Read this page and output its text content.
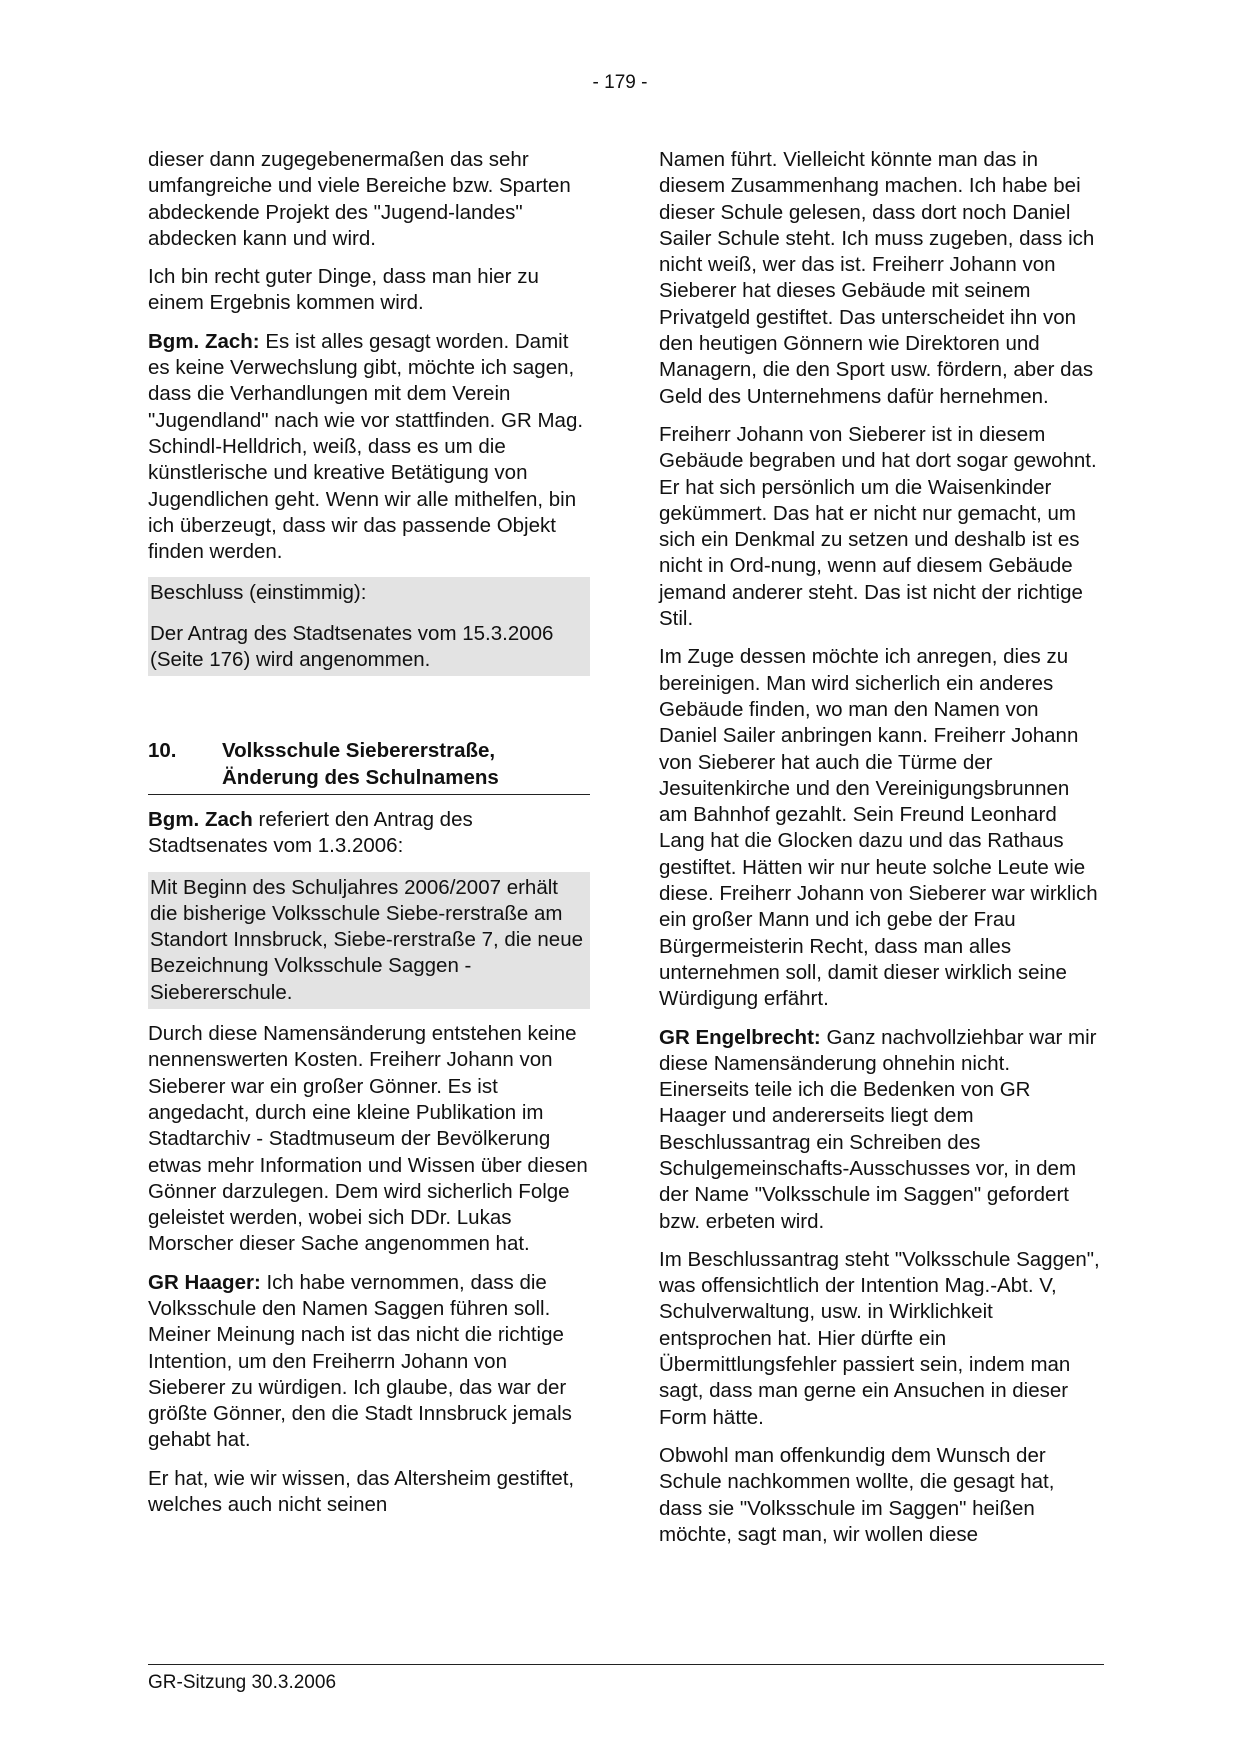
- 179 -

dieser dann zugegebenermaßen das sehr umfangreiche und viele Bereiche bzw. Sparten abdeckende Projekt des "Jugend-landes" abdecken kann und wird.

Ich bin recht guter Dinge, dass man hier zu einem Ergebnis kommen wird.

Bgm. Zach: Es ist alles gesagt worden. Damit es keine Verwechslung gibt, möchte ich sagen, dass die Verhandlungen mit dem Verein "Jugendland" nach wie vor stattfinden. GR Mag. Schindl-Helldrich, weiß, dass es um die künstlerische und kreative Betätigung von Jugendlichen geht. Wenn wir alle mithelfen, bin ich überzeugt, dass wir das passende Objekt finden werden.

Beschluss (einstimmig):

Der Antrag des Stadtsenates vom 15.3.2006 (Seite 176) wird angenommen.

10.	Volksschule Siebererstraße, Änderung des Schulnamens

Bgm. Zach referiert den Antrag des Stadtsenates vom 1.3.2006:

Mit Beginn des Schuljahres 2006/2007 erhält die bisherige Volksschule Siebe-rerstraße am Standort Innsbruck, Siebe-rerstraße 7, die neue Bezeichnung Volksschule Saggen - Siebererschule.

Durch diese Namensänderung entstehen keine nennenswerten Kosten. Freiherr Johann von Sieberer war ein großer Gönner. Es ist angedacht, durch eine kleine Publikation im Stadtarchiv - Stadtmuseum der Bevölkerung etwas mehr Information und Wissen über diesen Gönner darzulegen. Dem wird sicherlich Folge geleistet werden, wobei sich DDr. Lukas Morscher dieser Sache angenommen hat.

GR Haager: Ich habe vernommen, dass die Volksschule den Namen Saggen führen soll. Meiner Meinung nach ist das nicht die richtige Intention, um den Freiherrn Johann von Sieberer zu würdigen. Ich glaube, das war der größte Gönner, den die Stadt Innsbruck jemals gehabt hat.

Er hat, wie wir wissen, das Altersheim gestiftet, welches auch nicht seinen

Namen führt. Vielleicht könnte man das in diesem Zusammenhang machen. Ich habe bei dieser Schule gelesen, dass dort noch Daniel Sailer Schule steht. Ich muss zugeben, dass ich nicht weiß, wer das ist. Freiherr Johann von Sieberer hat dieses Gebäude mit seinem Privatgeld gestiftet. Das unterscheidet ihn von den heutigen Gönnern wie Direktoren und Managern, die den Sport usw. fördern, aber das Geld des Unternehmens dafür hernehmen.

Freiherr Johann von Sieberer ist in diesem Gebäude begraben und hat dort sogar gewohnt. Er hat sich persönlich um die Waisenkinder gekümmert. Das hat er nicht nur gemacht, um sich ein Denkmal zu setzen und deshalb ist es nicht in Ord-nung, wenn auf diesem Gebäude jemand anderer steht. Das ist nicht der richtige Stil.

Im Zuge dessen möchte ich anregen, dies zu bereinigen. Man wird sicherlich ein anderes Gebäude finden, wo man den Namen von Daniel Sailer anbringen kann. Freiherr Johann von Sieberer hat auch die Türme der Jesuitenkirche und den Vereinigungsbrunnen am Bahnhof gezahlt. Sein Freund Leonhard Lang hat die Glocken dazu und das Rathaus gestiftet. Hätten wir nur heute solche Leute wie diese. Freiherr Johann von Sieberer war wirklich ein großer Mann und ich gebe der Frau Bürgermeisterin Recht, dass man alles unternehmen soll, damit dieser wirklich seine Würdigung erfährt.

GR Engelbrecht: Ganz nachvollziehbar war mir diese Namensänderung ohnehin nicht. Einerseits teile ich die Bedenken von GR Haager und andererseits liegt dem Beschlussantrag ein Schreiben des Schulgemeinschafts-Ausschusses vor, in dem der Name "Volksschule im Saggen" gefordert bzw. erbeten wird.

Im Beschlussantrag steht "Volksschule Saggen", was offensichtlich der Intention Mag.-Abt. V, Schulverwaltung, usw. in Wirklichkeit entsprochen hat. Hier dürfte ein Übermittlungsfehler passiert sein, indem man sagt, dass man gerne ein Ansuchen in dieser Form hätte.

Obwohl man offenkundig dem Wunsch der Schule nachkommen wollte, die gesagt hat, dass sie "Volksschule im Saggen" heißen möchte, sagt man, wir wollen diese

GR-Sitzung 30.3.2006
